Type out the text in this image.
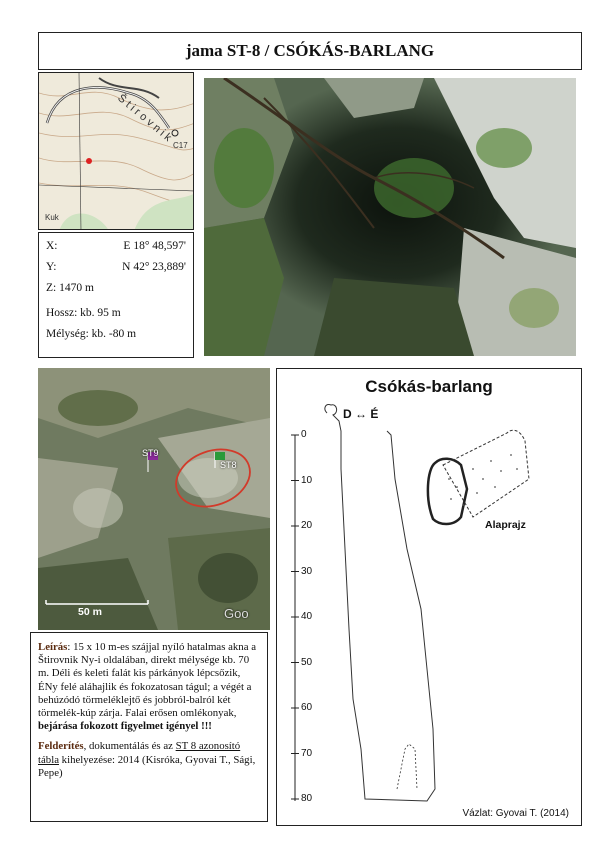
jama ST-8 / CSÓKÁS-BARLANG
Štirovnik
C17
Kuk
X:	E 18° 48,597'
Y:	N 42° 23,889'
Z: 1470 m
Hossz: kb. 95 m
Mélység: kb. -80 m
ST9
ST8
50 m	Goo
Leírás: 15 x 10 m-es szájjal nyíló hatalmas akna a Štirovnik Ny-i oldalában, direkt mélysége kb. 70 m. Déli és keleti falát kis párkányok lépcsőzik, ÉNy felé aláhajlik és fokozatosan tágul; a végét a behúzódó törmeléklejtő és jobbról-balról két törmelék-kúp zárja. Falai erősen omlékonyak, bejárása fokozott figyelmet igényel !!!
Felderítés, dokumentálás és az ST 8 azonosító tábla kihelyezése: 2014 (Kisróka, Gyovai T., Sági, Pepe)
Csókás-barlang
D ↔ É
0
10
20
30
40
50
60
70
80
Alaprajz
Vázlat: Gyovai T. (2014)
